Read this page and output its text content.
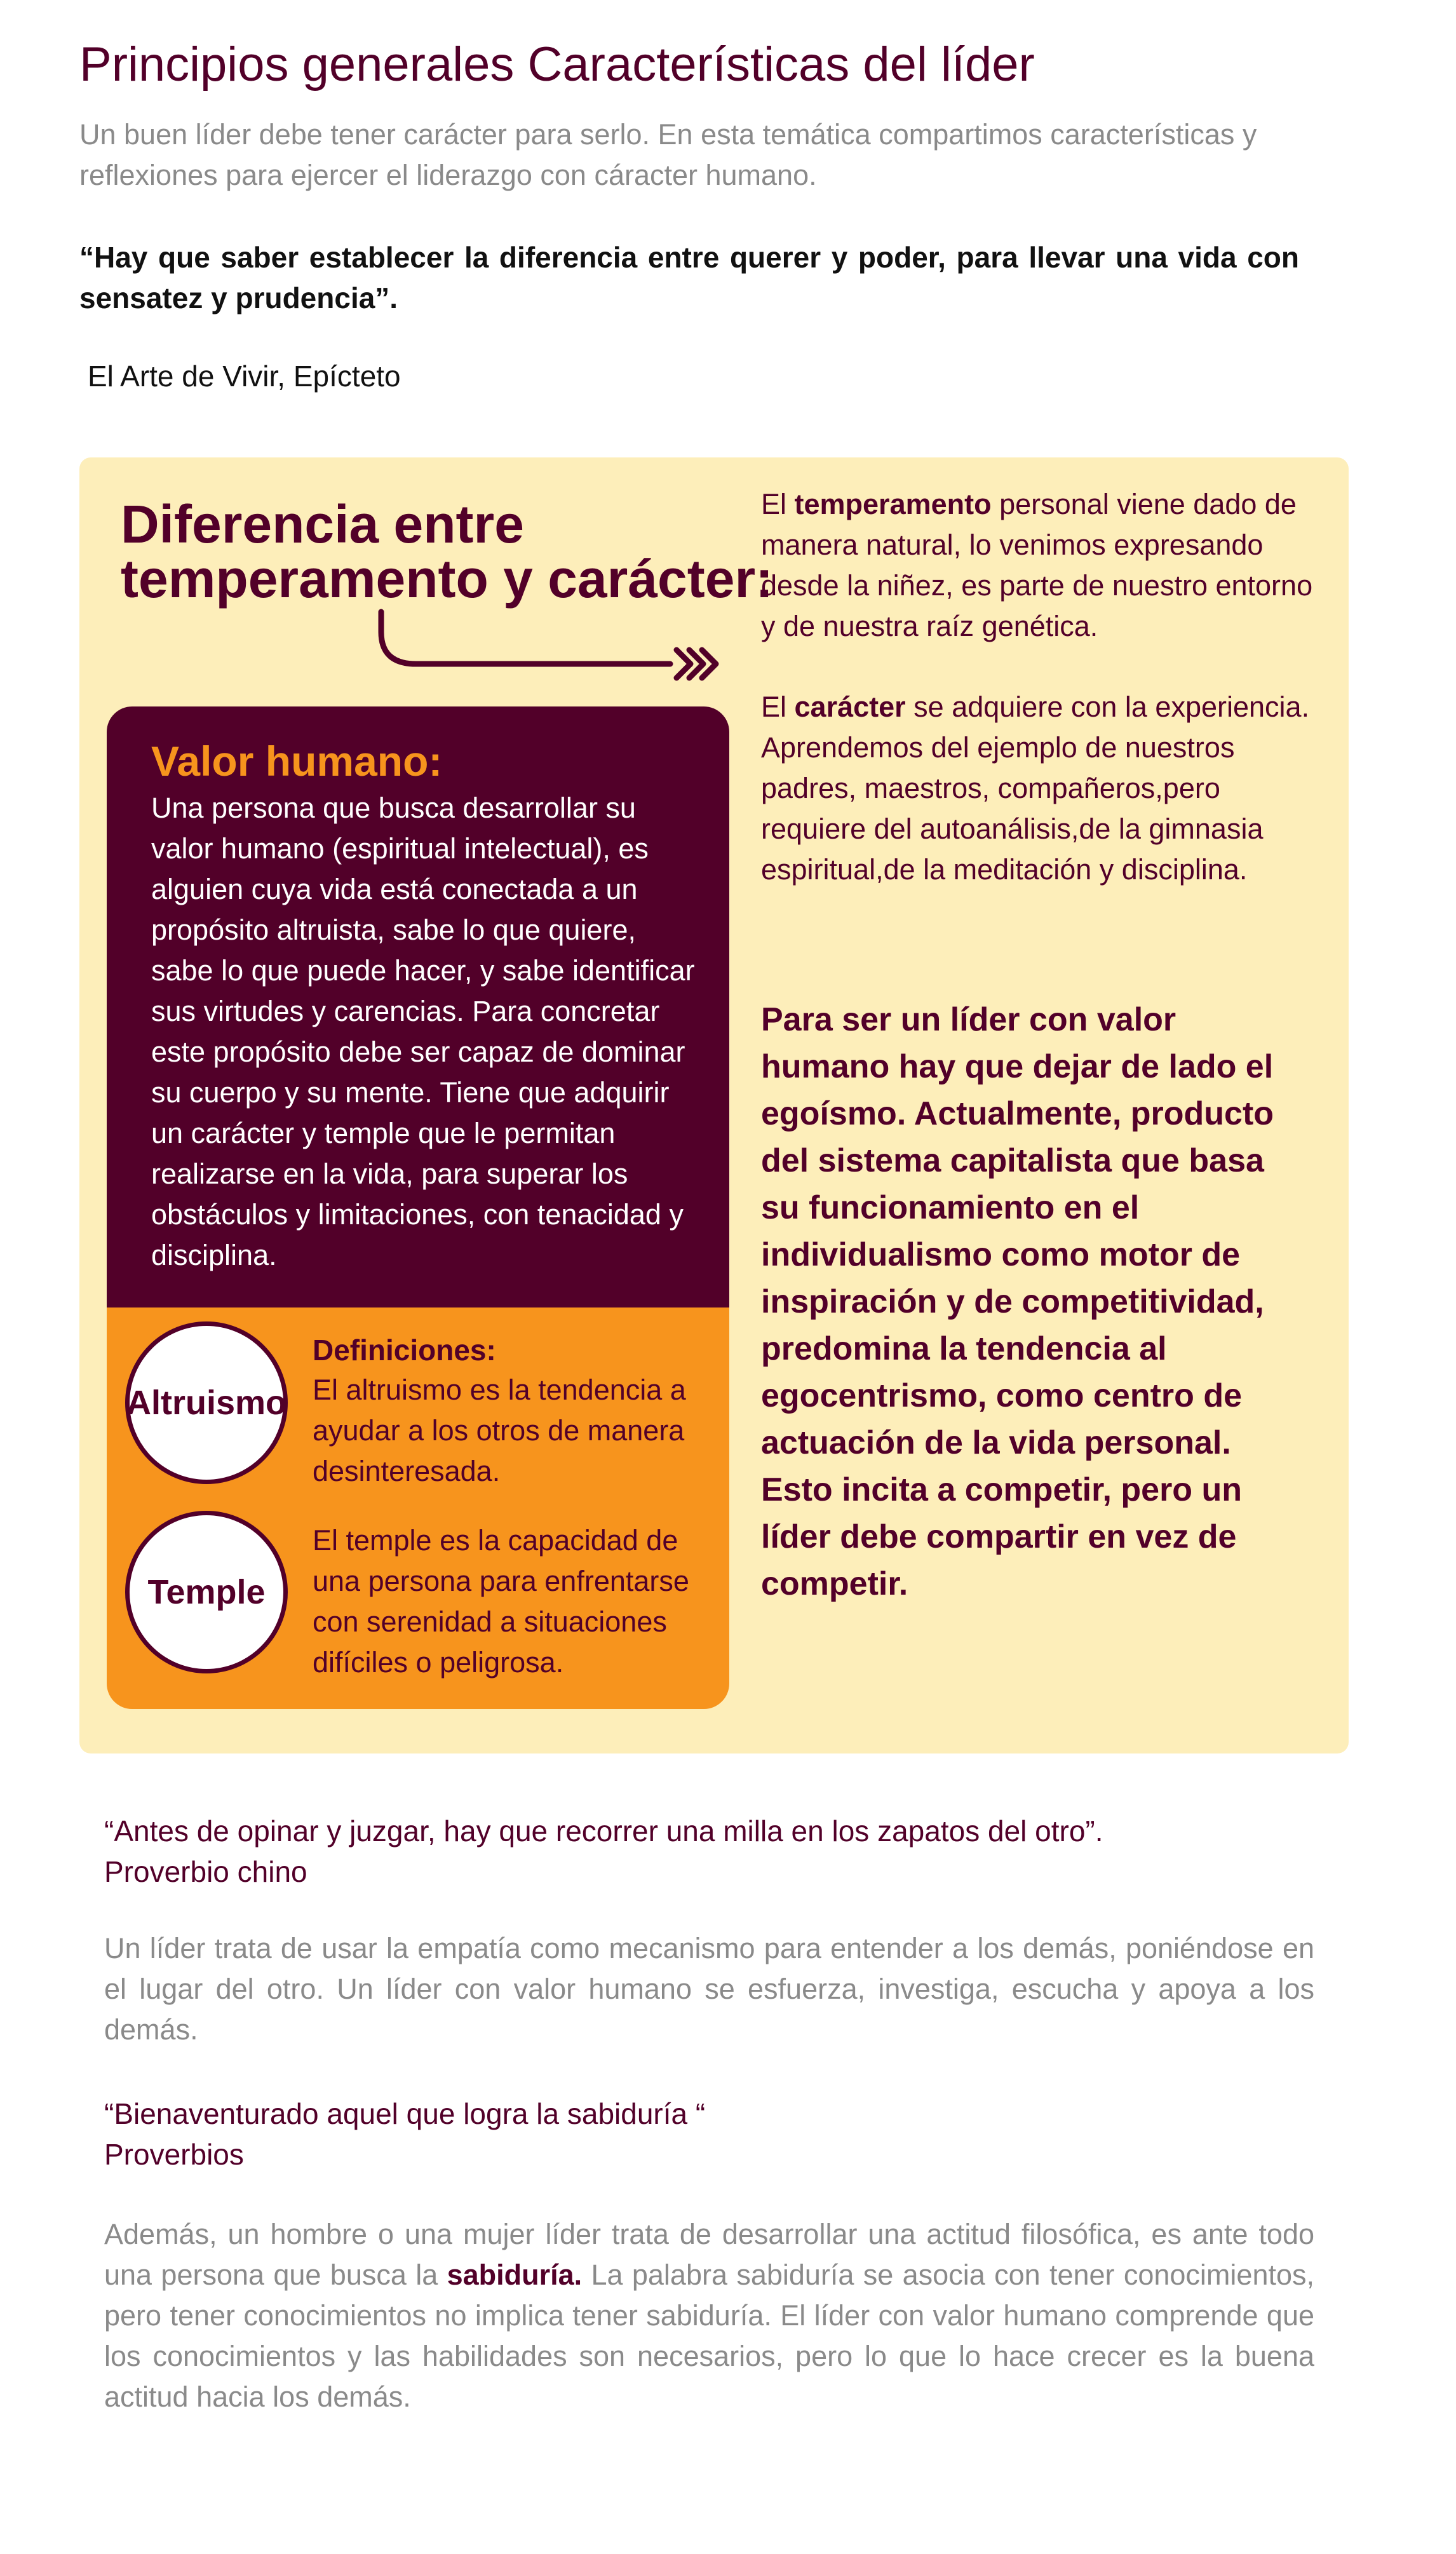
Principios generales Características del líder
Un buen líder debe tener carácter para serlo. En esta temática compartimos características y reflexiones para ejercer el liderazgo con cáracter humano.
“Hay que saber establecer la diferencia entre querer y poder, para llevar una vida con sensatez y prudencia”.
El Arte de Vivir, Epícteto
Diferencia entre
temperamento y carácter:
Valor humano:
Una persona que busca desarrollar su valor humano (espiritual intelectual), es alguien cuya vida está conectada a un propósito altruista, sabe lo que quiere, sabe lo que puede hacer, y sabe identificar sus virtudes y carencias. Para concretar este propósito debe ser capaz de dominar su cuerpo y su mente. Tiene que adquirir un carácter y temple que le permitan realizarse en la vida, para superar los obstáculos y limitaciones, con tenacidad y disciplina.
Altruismo
Temple
Definiciones:
El altruismo es la tendencia a ayudar a los otros de manera desinteresada.
El temple es la capacidad de una persona para enfrentarse con serenidad a situaciones difíciles o peligrosa.
El temperamento personal viene dado de manera natural, lo venimos expresando desde la niñez, es parte de nuestro entorno y de nuestra raíz genética.
El carácter se adquiere con la experiencia. Aprendemos del ejemplo de nuestros padres, maestros, compañeros,pero requiere del autoanálisis,de la gimnasia espiritual,de la meditación y disciplina.
Para ser un líder con valor humano hay que dejar de lado el egoísmo. Actualmente, producto del sistema capitalista que basa su funcionamiento en el individualismo como motor de inspiración y de competitividad, predomina la tendencia al egocentrismo, como centro de actuación de la vida personal. Esto incita a competir, pero un líder debe compartir en vez de competir.
“Antes de opinar y juzgar, hay que recorrer una milla en los zapatos del otro”.
Proverbio chino
Un líder trata de usar la empatía como mecanismo para entender a los demás, poniéndose en el lugar del otro. Un líder con valor humano se esfuerza, investiga, escucha y apoya a los demás.
“Bienaventurado aquel que logra la sabiduría “
Proverbios
Además, un hombre o una mujer líder trata de desarrollar una actitud filosófica, es ante todo una persona que busca la sabiduría. La palabra sabiduría se asocia con tener conocimientos, pero tener conocimientos no implica tener sabiduría. El líder con valor humano comprende que los conocimientos y las habilidades son necesarios, pero lo que lo hace crecer es la buena actitud hacia los demás.
